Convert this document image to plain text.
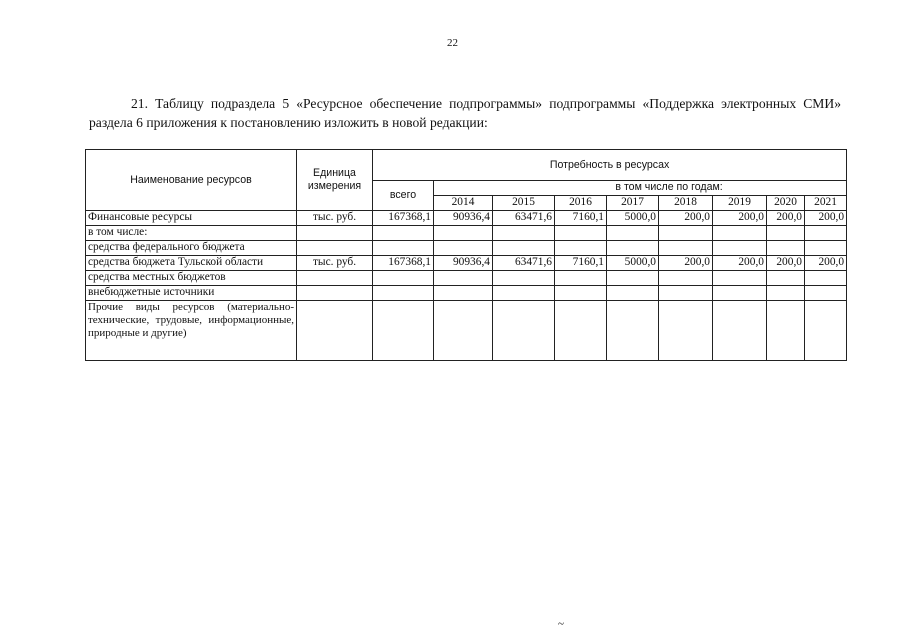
22
21. Таблицу подраздела 5 «Ресурсное обеспечение подпрограммы» подпрограммы «Поддержка электронных СМИ» раздела 6 приложения к постановлению изложить в новой редакции:
Наименование ресурсов	Единица измерения	Потребность в ресурсах								
		всего	в том числе по годам:							
			2014	2015	2016	2017	2018	2019	2020	2021
Финансовые ресурсы	тыс. руб.	167368,1	90936,4	63471,6	7160,1	5000,0	200,0	200,0	200,0	200,0
в том числе:										
средства федерального бюджета										
средства бюджета Тульской области	тыс. руб.	167368,1	90936,4	63471,6	7160,1	5000,0	200,0	200,0	200,0	200,0
средства местных бюджетов										
внебюджетные источники										
Прочие виды ресурсов (материально-технические, трудовые, информационные, природные и другие)										
~
